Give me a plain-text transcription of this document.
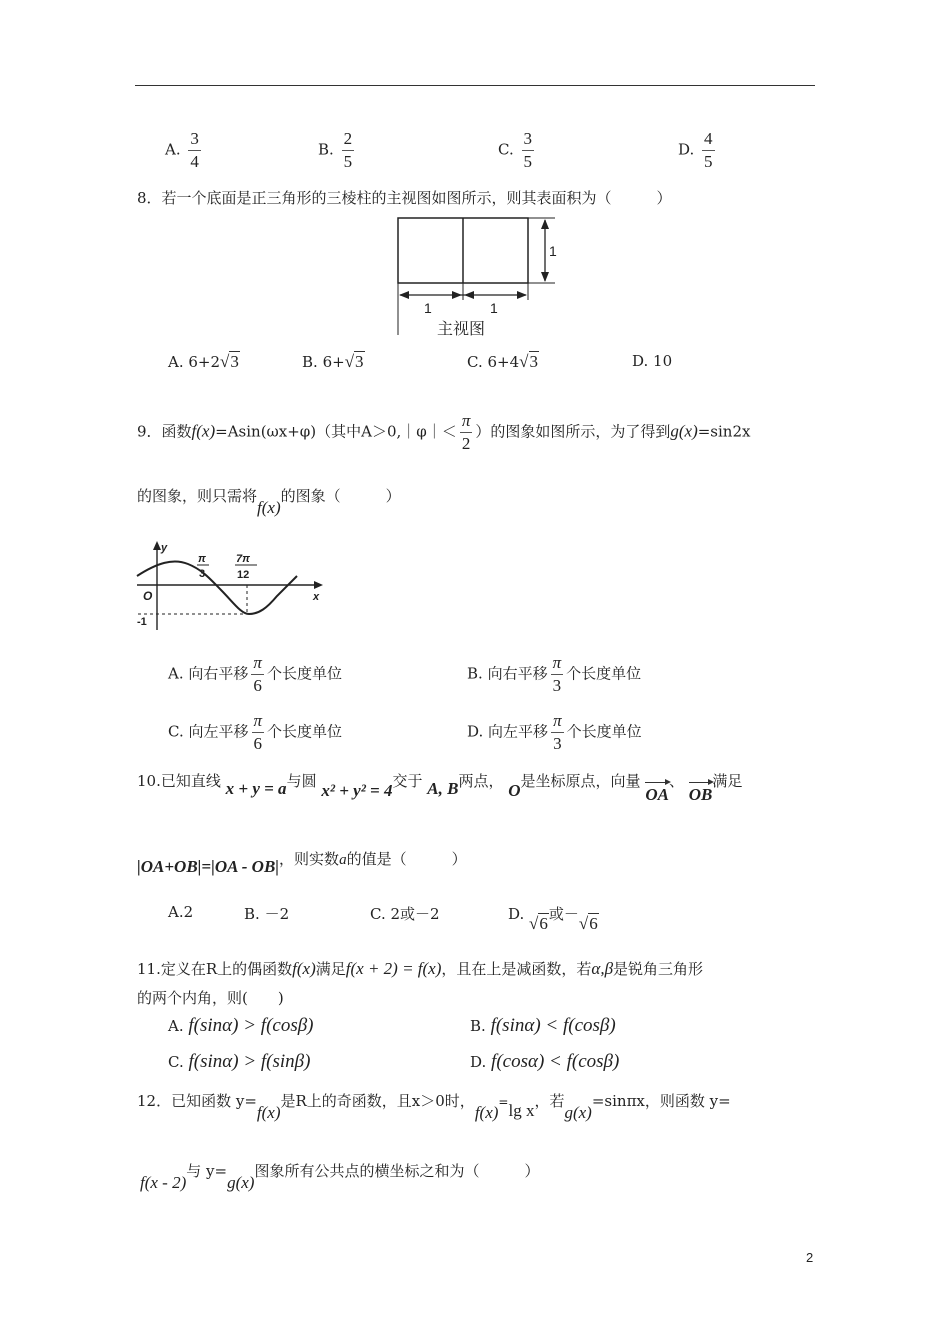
A. $\frac{3}{4}$	B. $\frac{2}{5}$	C. $\frac{3}{5}$	D. $\frac{4}{5}$
8．若一个底面是正三角形的三棱柱的主视图如图所示，则其表面积为（　　　）
1
1	1
主视图
A. 6+2√3	B. 6+√3	C. 6+4√3	D. 10
9．函数f(x)=Asin(ωx+φ)（其中A＞0,｜φ｜＜ $\frac{\pi}{2}$ ）的图象如图所示，为了得到g(x)=sin2x
的图象，则只需将f(x)的图象（　　　）
y
x
O
π
3
7π
12
-1
A. 向右平移 $\frac{\pi}{6}$ 个长度单位	B. 向右平移 $\frac{\pi}{3}$ 个长度单位
C. 向左平移 $\frac{\pi}{6}$ 个长度单位	D. 向左平移 $\frac{\pi}{3}$ 个长度单位
10.已知直线 x + y = a与圆 x² + y² = 4交于 A, B两点， O是坐标原点，向量 OA、 OB满足
|OA+OB|=|OA - OB|，则实数a的值是（　　　）
A.2	B. －2	C. 2或－2	D. √6或－√6
11.定义在R上的偶函数f(x)满足f(x + 2) = f(x)，且在上是减函数，若α,β是锐角三角形
的两个内角，则(　　)
A. f(sinα) > f(cosβ)	B. f(sinα) < f(cosβ)
C. f(sinα) > f(sinβ)	D. f(cosα) < f(cosβ)
12．已知函数 y=f(x)是R上的奇函数，且x＞0时，f(x)=lg x，若g(x)=sinπx，则函数 y=
f(x - 2)与 y=g(x)图象所有公共点的横坐标之和为（　　　）
2
